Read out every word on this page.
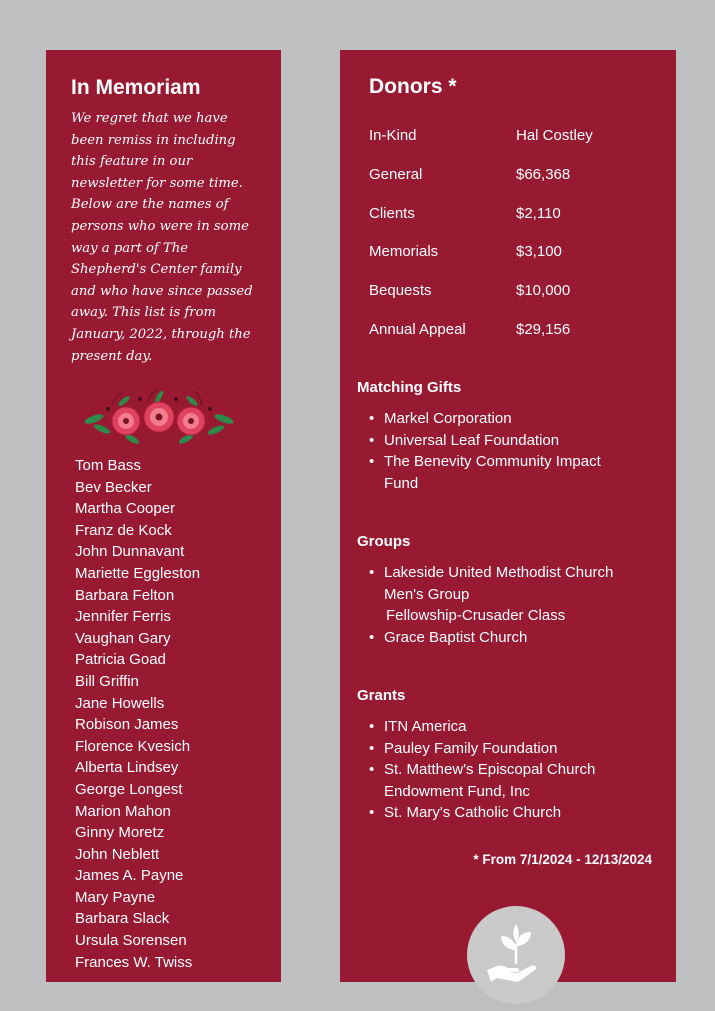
In Memoriam

We regret that we have been remiss in including this feature in our newsletter for some time. Below are the names of persons who were in some way a part of The Shepherd's Center family and who have since passed away. This list is from January, 2022, through the present day.

Tom Bass
Bev Becker
Martha Cooper
Franz de Kock
John Dunnavant
Mariette Eggleston
Barbara Felton
Jennifer Ferris
Vaughan Gary
Patricia Goad
Bill Griffin
Jane Howells
Robison James
Florence Kvesich
Alberta Lindsey
George Longest
Marion Mahon
Ginny Moretz
John Neblett
James A. Payne
Mary Payne
Barbara Slack
Ursula Sorensen
Frances W. Twiss
Donors *
In-Kind	Hal Costley
General	$66,368
Clients	$2,110
Memorials	$3,100
Bequests	$10,000
Annual Appeal	$29,156
Matching Gifts
• Markel Corporation
• Universal Leaf Foundation
• The Benevity Community Impact
Fund
Groups
• Lakeside United Methodist Church
Men's Group
Fellowship-Crusader Class
• Grace Baptist Church
Grants
• ITN America
• Pauley Family Foundation
• St. Matthew's Episcopal Church
Endowment Fund, Inc
• St. Mary's Catholic Church

* From 7/1/2024 - 12/13/2024
